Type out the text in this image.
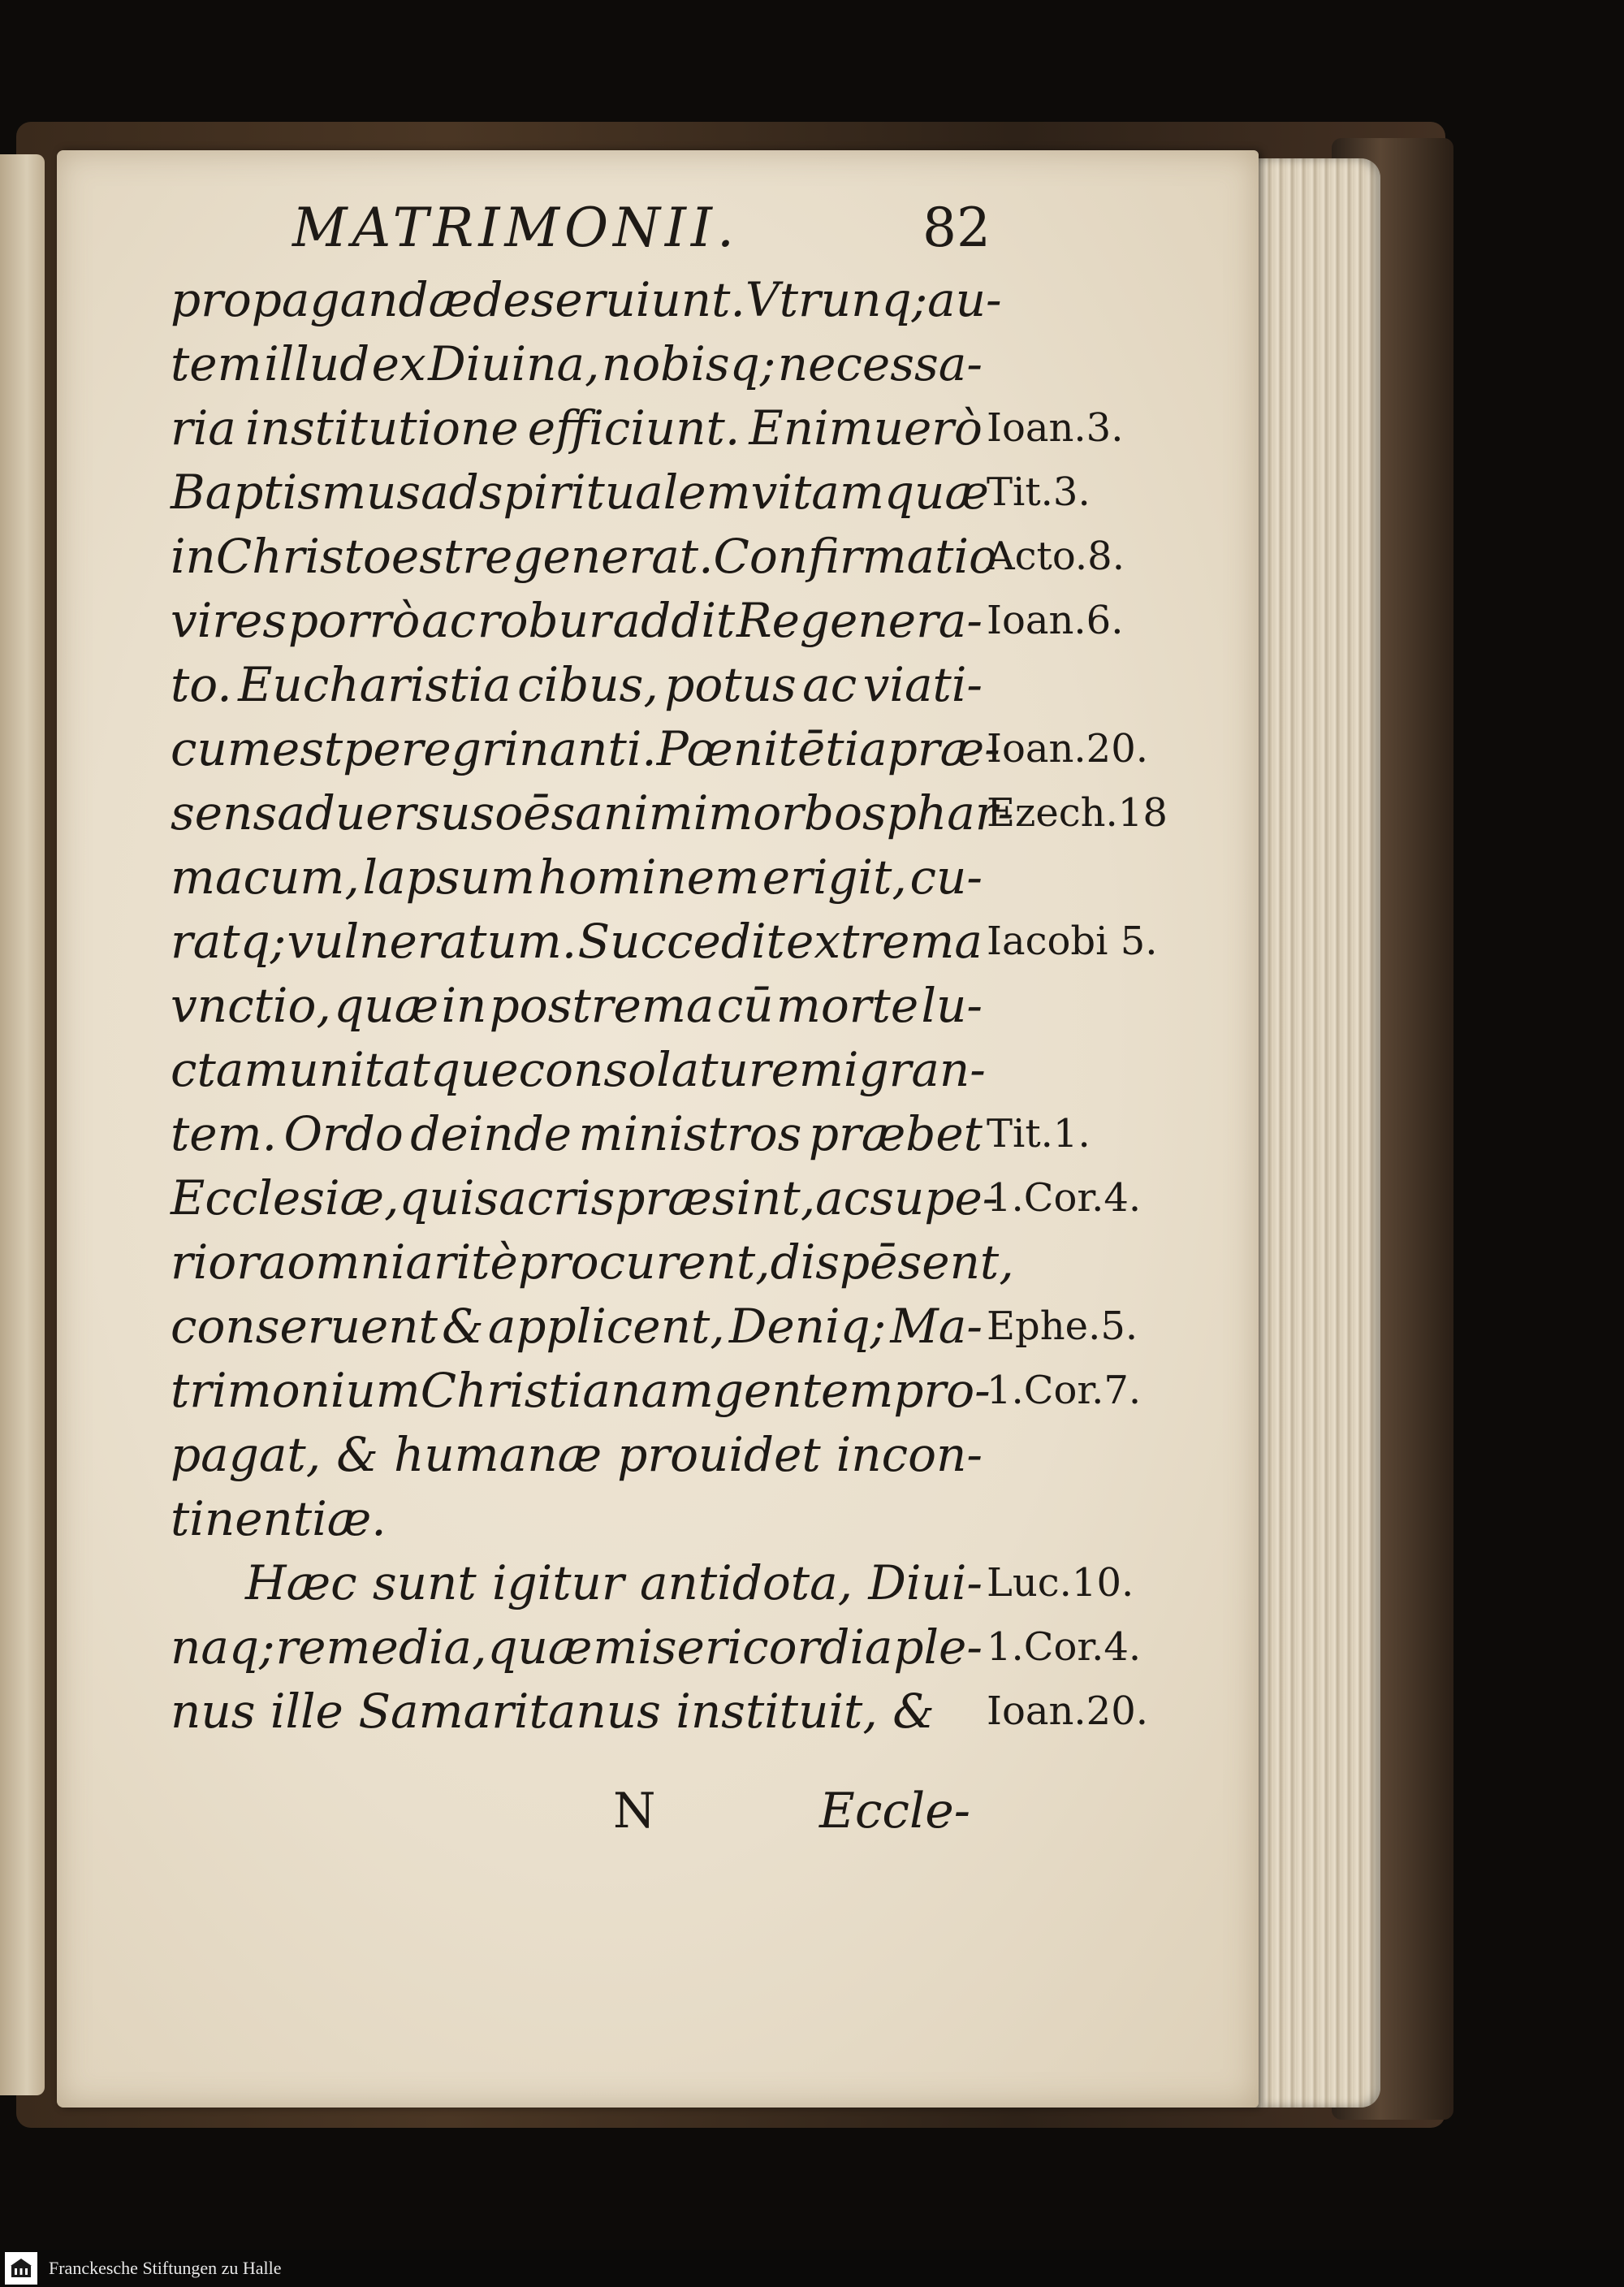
MATRIMONII.	82
propagandæ deseruiunt. Vtrunq; au-
tem illud ex Diuina, nobisq; necessa-
ria institutione efficiunt. Enimuerò
Baptismus ad spiritualem vitam quæ
in Christo est regenerat. Confirmatio
vires porrò ac robur addit Regenera-
to. Eucharistia cibus, potus ac viati-
cum est peregrinanti. Pœnitētia præ-
sens aduersus oēs animi morbos phar-
macum, lapsum hominem erigit, cu-
ratq; vulneratum. Succedit extrema
vnctio, quæ in postrema cū morte lu-
ctamunit atque consolatur emigran-
tem. Ordo deinde ministros præbet
Ecclesiæ, qui sacris præsint, ac supe-
riora omnia ritè procurent, dispēsent,
conseruent & applicent, Deniq; Ma-
trimonium Christianam gentem pro-
pagat, & humanæ prouidet incon-
tinentiæ.
Hæc sunt igitur antidota, Diui-
naq; remedia, quæ misericordia ple-
nus ille Samaritanus instituit, &
Ioan.3.
Tit.3.
Acto.8.
Ioan.6.
Ioan.20.
Ezech.18
Iacobi 5.
Tit.1.
1.Cor.4.
Ephe.5.
1.Cor.7.
Luc.10.
1.Cor.4.
Ioan.20.
N	Eccle-
Franckesche Stiftungen zu Halle
